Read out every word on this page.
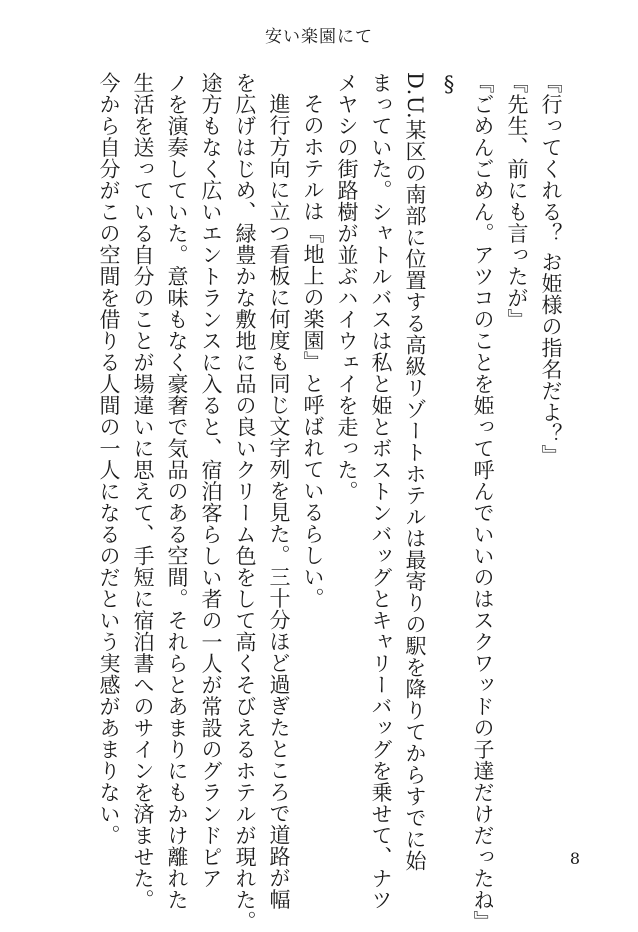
安い楽園にて
『行ってくれる？ お姫様の指名だよ？』
『先生、前にも言ったが』
『ごめんごめん。アツコのことを姫って呼んでいいのはスクワッドの子達だけだったね』
§
D.U.某区の南部に位置する高級リゾートホテルは最寄りの駅を降りてからすでに始
まっていた。シャトルバスは私と姫とボストンバッグとキャリーバッグを乗せて、ナツ
メヤシの街路樹が並ぶハイウェイを走った。
そのホテルは『地上の楽園』と呼ばれているらしい。
進行方向に立つ看板に何度も同じ文字列を見た。三十分ほど過ぎたところで道路が幅
を広げはじめ、緑豊かな敷地に品の良いクリーム色をして高くそびえるホテルが現れた。
途方もなく広いエントランスに入ると、宿泊客らしい者の一人が常設のグランドピア
ノを演奏していた。意味もなく豪奢で気品のある空間。それらとあまりにもかけ離れた
生活を送っている自分のことが場違いに思えて、手短に宿泊書へのサインを済ませた。
今から自分がこの空間を借りる人間の一人になるのだという実感があまりない。
8
